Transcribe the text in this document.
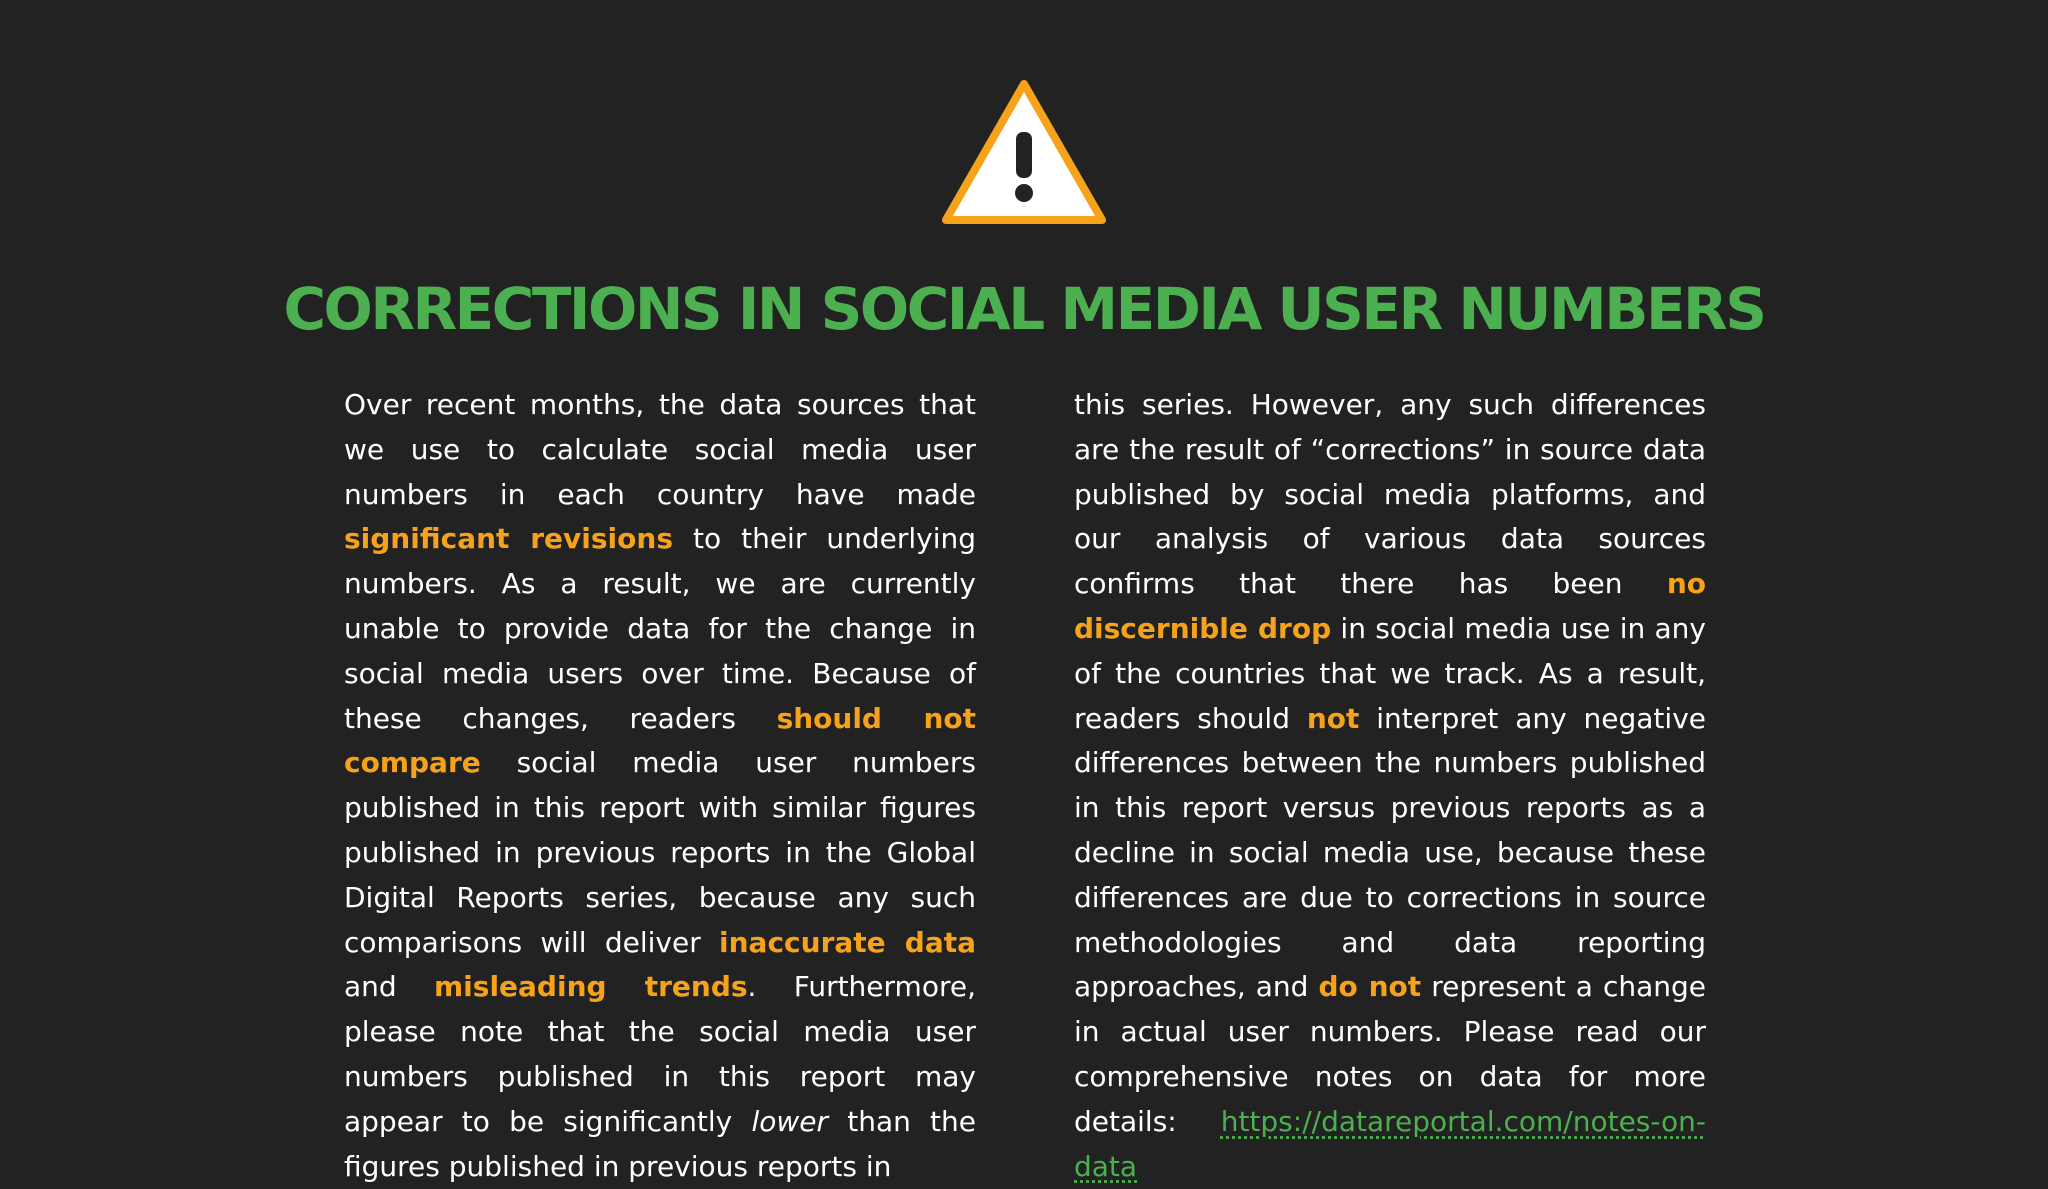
CORRECTIONS IN SOCIAL MEDIA USER NUMBERS

Over recent months, the data sources that we use to calculate social media user numbers in each country have made significant revisions to their underlying numbers. As a result, we are currently unable to provide data for the change in social media users over time. Because of these changes, readers should not compare social media user numbers published in this report with similar figures published in previous reports in the Global Digital Reports series, because any such comparisons will deliver inaccurate data and misleading trends. Furthermore, please note that the social media user numbers published in this report may appear to be significantly lower than the figures published in previous reports in

this series. However, any such differences are the result of “corrections” in source data published by social media platforms, and our analysis of various data sources confirms that there has been no discernible drop in social media use in any of the countries that we track. As a result, readers should not interpret any negative differences between the numbers published in this report versus previous reports as a decline in social media use, because these differences are due to corrections in source methodologies and data reporting approaches, and do not represent a change in actual user numbers. Please read our comprehensive notes on data for more details: https://datareportal.com/notes-on-data
